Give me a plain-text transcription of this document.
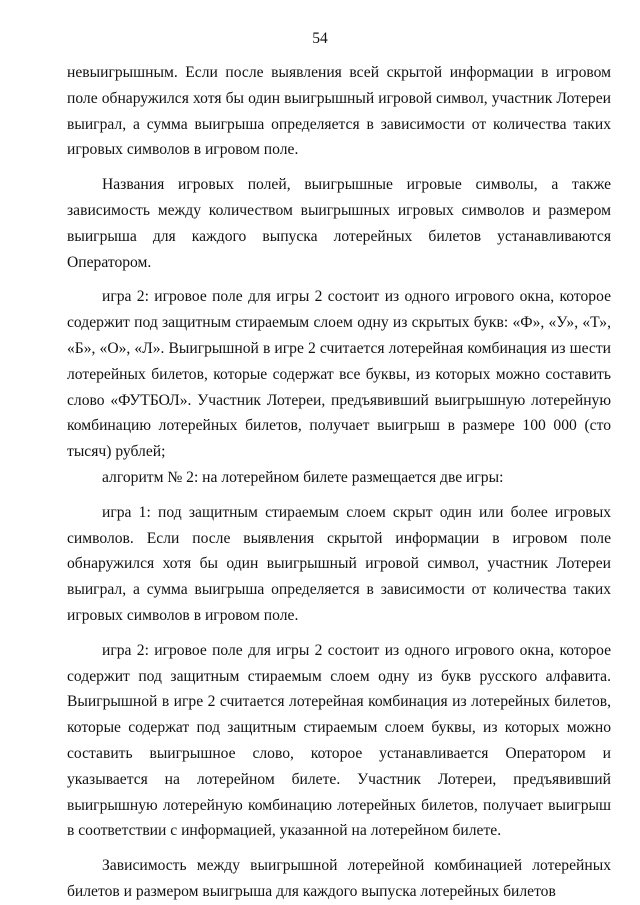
54

невыигрышным. Если после выявления всей скрытой информации в игровом поле обнаружился хотя бы один выигрышный игровой символ, участник Лотереи выиграл, а сумма выигрыша определяется в зависимости от количества таких игровых символов в игровом поле.

Названия игровых полей, выигрышные игровые символы, а также зависимость между количеством выигрышных игровых символов и размером выигрыша для каждого выпуска лотерейных билетов устанавливаются Оператором.

игра 2: игровое поле для игры 2 состоит из одного игрового окна, которое содержит под защитным стираемым слоем одну из скрытых букв: «Ф», «У», «Т», «Б», «О», «Л». Выигрышной в игре 2 считается лотерейная комбинация из шести лотерейных билетов, которые содержат все буквы, из которых можно составить слово «ФУТБОЛ». Участник Лотереи, предъявивший выигрышную лотерейную комбинацию лотерейных билетов, получает выигрыш в размере 100 000 (сто тысяч) рублей;

алгоритм № 2: на лотерейном билете размещается две игры:

игра 1: под защитным стираемым слоем скрыт один или более игровых символов. Если после выявления скрытой информации в игровом поле обнаружился хотя бы один выигрышный игровой символ, участник Лотереи выиграл, а сумма выигрыша определяется в зависимости от количества таких игровых символов в игровом поле.

игра 2: игровое поле для игры 2 состоит из одного игрового окна, которое содержит под защитным стираемым слоем одну из букв русского алфавита. Выигрышной в игре 2 считается лотерейная комбинация из лотерейных билетов, которые содержат под защитным стираемым слоем буквы, из которых можно составить выигрышное слово, которое устанавливается Оператором и указывается на лотерейном билете. Участник Лотереи, предъявивший выигрышную лотерейную комбинацию лотерейных билетов, получает выигрыш в соответствии с информацией, указанной на лотерейном билете.

Зависимость между выигрышной лотерейной комбинацией лотерейных билетов и размером выигрыша для каждого выпуска лотерейных билетов
